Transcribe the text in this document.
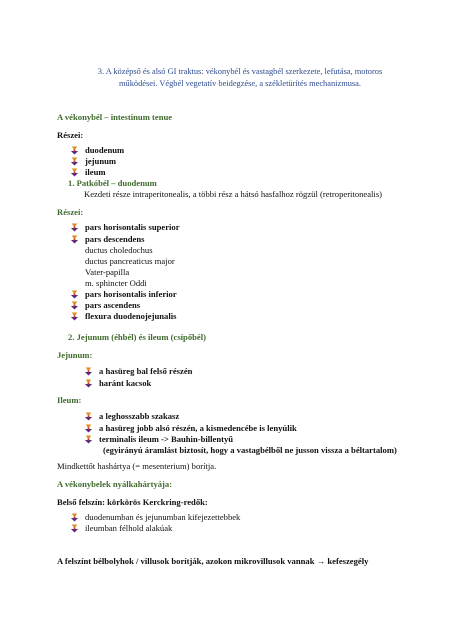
3. A középső és alsó GI traktus: vékonybél és vastagbél szerkezete, lefutása, motoros
működései. Végbél vegetatív beidegzése, a székletürítés mechanizmusa.
A vékonybél – intestinum tenue
Részei:
duodenum
jejunum
ileum
1. Patkóbél – duodenum
Kezdeti része intraperitonealis, a többi rész a hátsó hasfalhoz rögzül (retroperitonealis)
Részei:
pars horisontalis superior
pars descendens
ductus choledochus
ductus pancreaticus major
Vater-papilla
m. sphincter Oddi
pars horisontalis inferior
pars ascendens
flexura duodenojejunalis
2. Jejunum (éhbél) és ileum (csípőbél)
Jejunum:
a hasüreg bal felső részén
haránt kacsok
Ileum:
a leghosszabb szakasz
a hasüreg jobb alsó részén, a kismedencébe is lenyúlik
terminalis ileum -> Bauhin-billentyű
(egyirányú áramlást biztosít, hogy a vastagbélből ne jusson vissza a béltartalom)
Mindkettőt hashártya (= mesenterium) borítja.
A vékonybelek nyálkahártyája:
Belső felszín: körkörös Kerckring-redők:
duodenumban és jejunumban kifejezettebbek
ileumban félhold alakúak
A felszínt bélbolyhok / villusok borítják, azokon mikrovillusok vannak → kefeszegély
